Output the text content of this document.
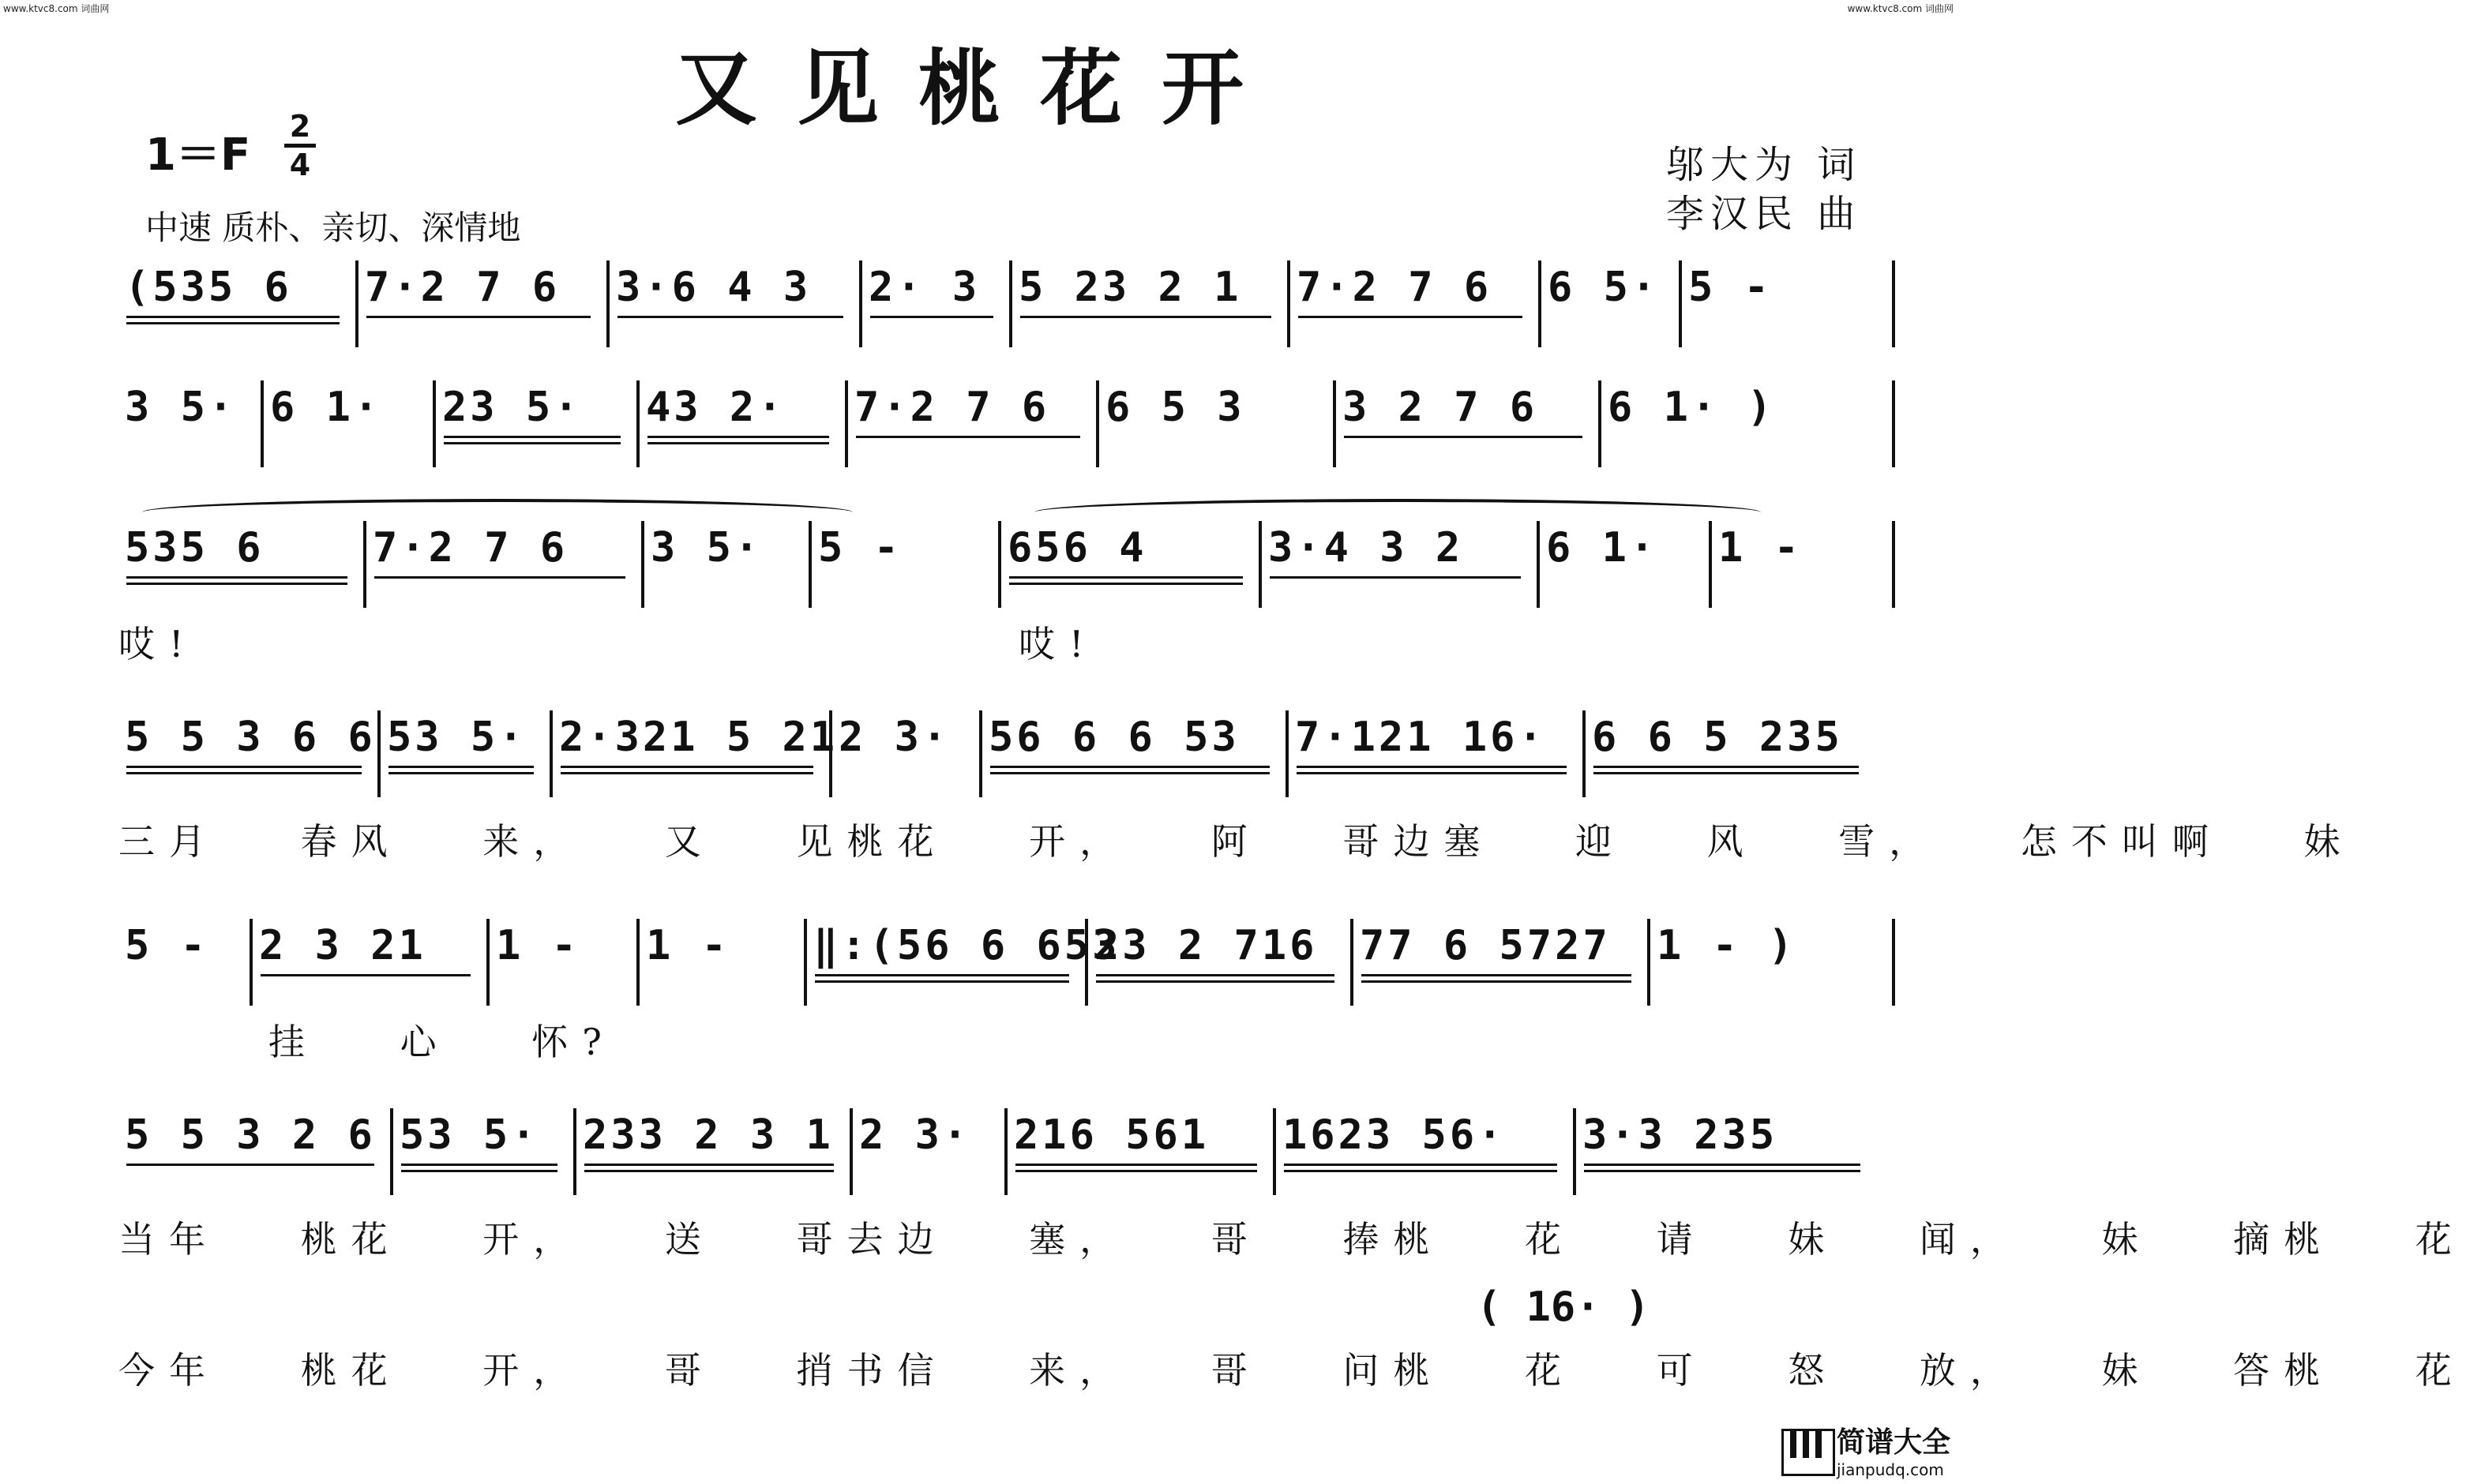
www.ktvc8.com 词曲网	www.ktvc8.com 词曲网
又见桃花开
1＝F
2
4
中速 质朴、亲切、深情地
邬大为 词
李汉民 曲
(535 6	7·2 7 6	3·6 4 3	2· 3 5 23 2 1	7·2 7 6	6 5· 5 -
3 5· 6 1·	23 5·	43 2·	7·2 7 6	6 5 3	3 2 7 6	6 1· )
535 6	7·2 7 6	3 5·	5 -	656 4	3·4 3 2	6 1·	1 -
哎!	哎!
5 5 3 6 6 53 5· 2·321 5 21 2 3· 56 6 6 53	7·121 16·	6 6 5 235
三月 春风 来， 又 见桃花 开， 阿 哥边塞 迎 风 雪， 怎不叫啊 妹
5 -	2 3 21	1 -	1 -	‖:(56 6 653
23 2 716	77 6 5727	1 - )
挂 心 怀?
5 5 3 2 6 53 5·	233 2 3 1 2 3·	216 561	1623 56·	3·3 235
当年 桃花 开， 送 哥去边 塞， 哥 捧桃 花 请 妹 闻， 妹 摘桃 花
( 16· )
今年 桃花 开， 哥 捎书信 来， 哥 问桃 花 可 怒 放， 妹 答桃 花
简谱大全
jianpudq.com
